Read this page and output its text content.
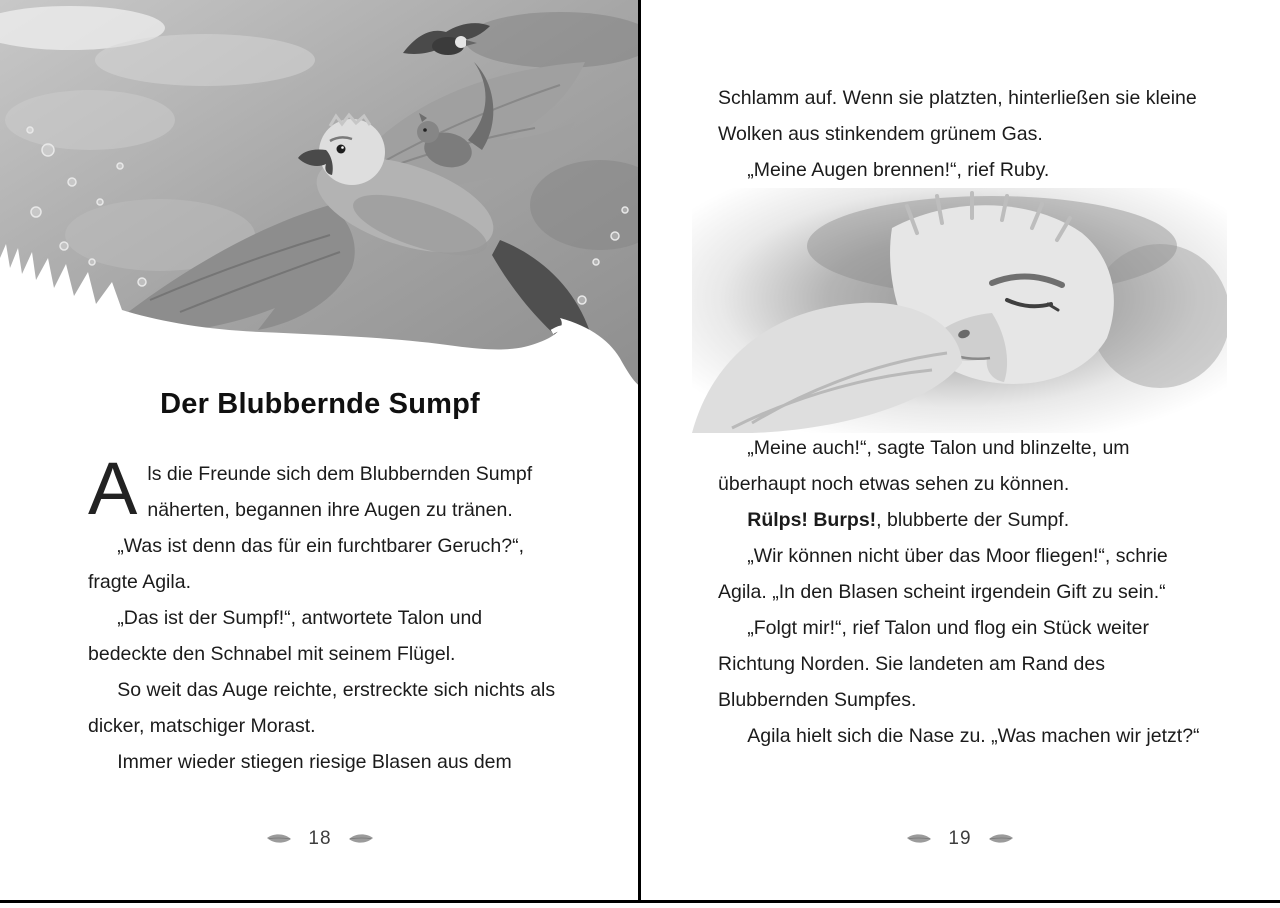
Der Blubbernde Sumpf

Als die Freunde sich dem Blubbernden Sumpf näherten, begannen ihre Augen zu tränen.

„Was ist denn das für ein furchtbarer Geruch?“, fragte Agila.

„Das ist der Sumpf!“, antwortete Talon und bedeckte den Schnabel mit seinem Flügel.

So weit das Auge reichte, erstreckte sich nichts als dicker, matschiger Morast.

Immer wieder stiegen riesige Blasen aus dem

18

Schlamm auf. Wenn sie platzten, hinterließen sie kleine Wolken aus stinkendem grünem Gas.

„Meine Augen brennen!“, rief Ruby.

„Meine auch!“, sagte Talon und blinzelte, um überhaupt noch etwas sehen zu können.

Rülps! Burps!, blubberte der Sumpf.

„Wir können nicht über das Moor fliegen!“, schrie Agila. „In den Blasen scheint irgendein Gift zu sein.“

„Folgt mir!“, rief Talon und flog ein Stück weiter Richtung Norden. Sie landeten am Rand des Blubbernden Sumpfes.

Agila hielt sich die Nase zu. „Was machen wir jetzt?“

19
